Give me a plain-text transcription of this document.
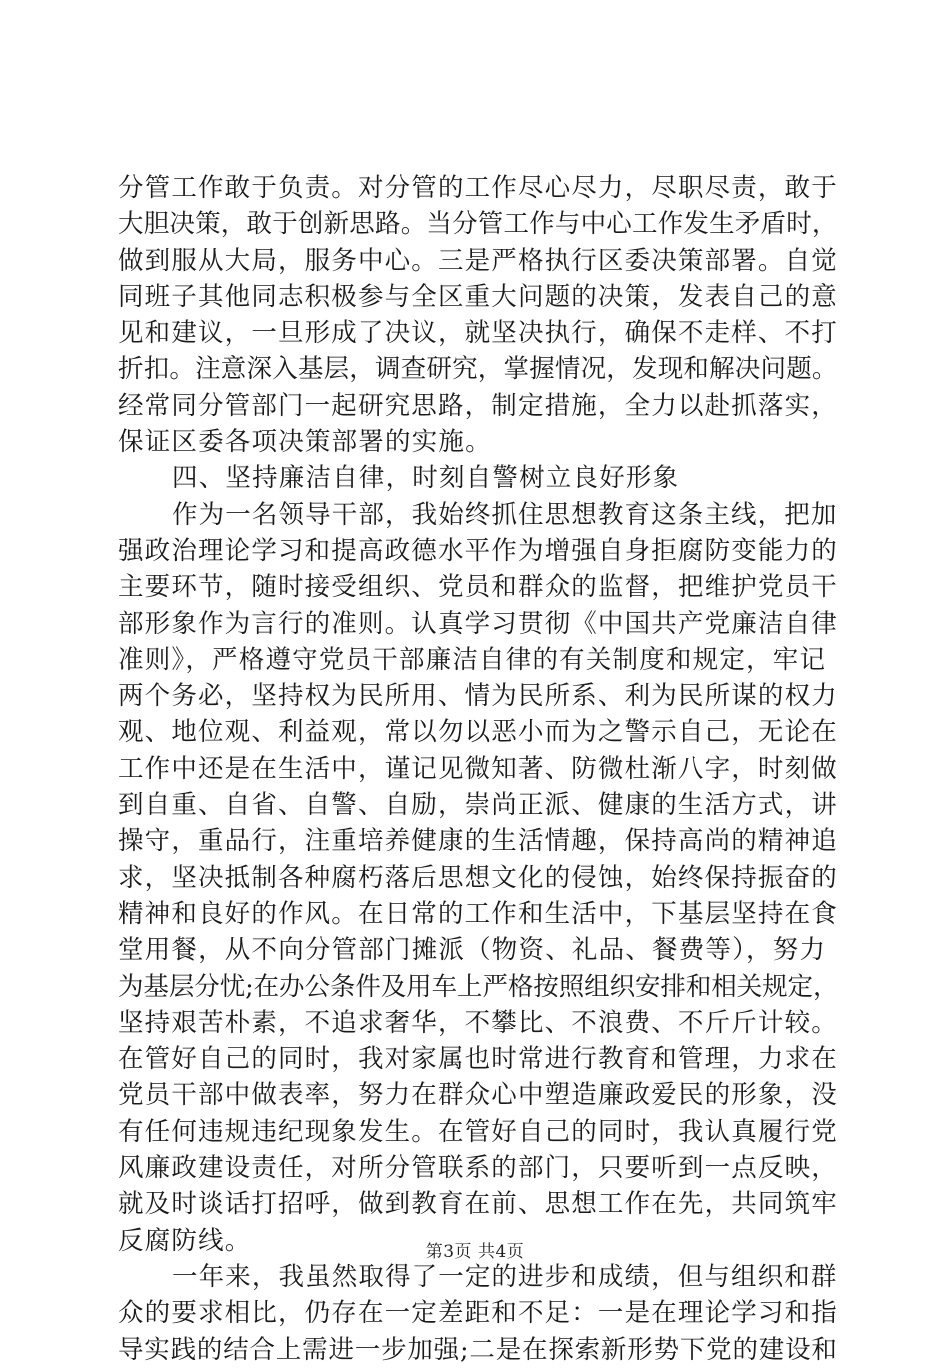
分管工作敢于负责。对分管的工作尽心尽力，尽职尽责，敢于
大胆决策，敢于创新思路。当分管工作与中心工作发生矛盾时，
做到服从大局，服务中心。三是严格执行区委决策部署。自觉
同班子其他同志积极参与全区重大问题的决策，发表自己的意
见和建议，一旦形成了决议，就坚决执行，确保不走样、不打
折扣。注意深入基层，调查研究，掌握情况，发现和解决问题。
经常同分管部门一起研究思路，制定措施，全力以赴抓落实，
保证区委各项决策部署的实施。
四、坚持廉洁自律，时刻自警树立良好形象
作为一名领导干部，我始终抓住思想教育这条主线，把加
强政治理论学习和提高政德水平作为增强自身拒腐防变能力的
主要环节，随时接受组织、党员和群众的监督，把维护党员干
部形象作为言行的准则。认真学习贯彻《中国共产党廉洁自律
准则》，严格遵守党员干部廉洁自律的有关制度和规定，牢记
两个务必，坚持权为民所用、情为民所系、利为民所谋的权力
观、地位观、利益观，常以勿以恶小而为之警示自己，无论在
工作中还是在生活中，谨记见微知著、防微杜渐八字，时刻做
到自重、自省、自警、自励，崇尚正派、健康的生活方式，讲
操守，重品行，注重培养健康的生活情趣，保持高尚的精神追
求，坚决抵制各种腐朽落后思想文化的侵蚀，始终保持振奋的
精神和良好的作风。在日常的工作和生活中，下基层坚持在食
堂用餐，从不向分管部门摊派（物资、礼品、餐费等），努力
为基层分忧;在办公条件及用车上严格按照组织安排和相关规定，
坚持艰苦朴素，不追求奢华，不攀比、不浪费、不斤斤计较。
在管好自己的同时，我对家属也时常进行教育和管理，力求在
党员干部中做表率，努力在群众心中塑造廉政爱民的形象，没
有任何违规违纪现象发生。在管好自己的同时，我认真履行党
风廉政建设责任，对所分管联系的部门，只要听到一点反映，
就及时谈话打招呼，做到教育在前、思想工作在先，共同筑牢
反腐防线。
一年来，我虽然取得了一定的进步和成绩，但与组织和群
众的要求相比，仍存在一定差距和不足：一是在理论学习和指
导实践的结合上需进一步加强;二是在探索新形势下党的建设和
第3页 共4页
